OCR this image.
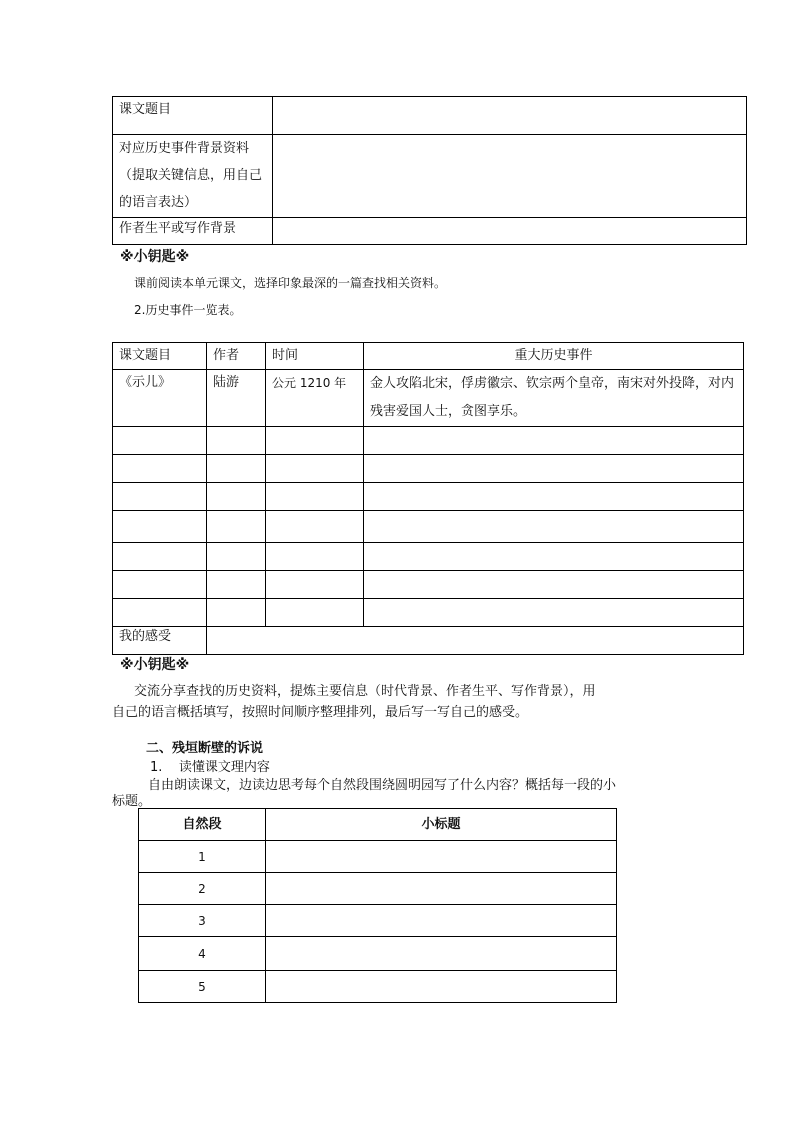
课文题目	
对应历史事件背景资料（提取关键信息，用自己的语言表达）	
作者生平或写作背景	
※小钥匙※
课前阅读本单元课文，选择印象最深的一篇查找相关资料。
2.历史事件一览表。
课文题目	作者	时间	重大历史事件
《示儿》	陆游	公元 1210 年	金人攻陷北宋，俘虏徽宗、钦宗两个皇帝，南宋对外投降，对内残害爱国人士，贪图享乐。

我的感受			
※小钥匙※
交流分享查找的历史资料，提炼主要信息（时代背景、作者生平、写作背景），用
自己的语言概括填写，按照时间顺序整理排列，最后写一写自己的感受。
二、残垣断壁的诉说
1.    读懂课文理内容
自由朗读课文，边读边思考每个自然段围绕圆明园写了什么内容？概括每一段的小
标题。
自然段	小标题
1	
2	
3	
4	
5	
